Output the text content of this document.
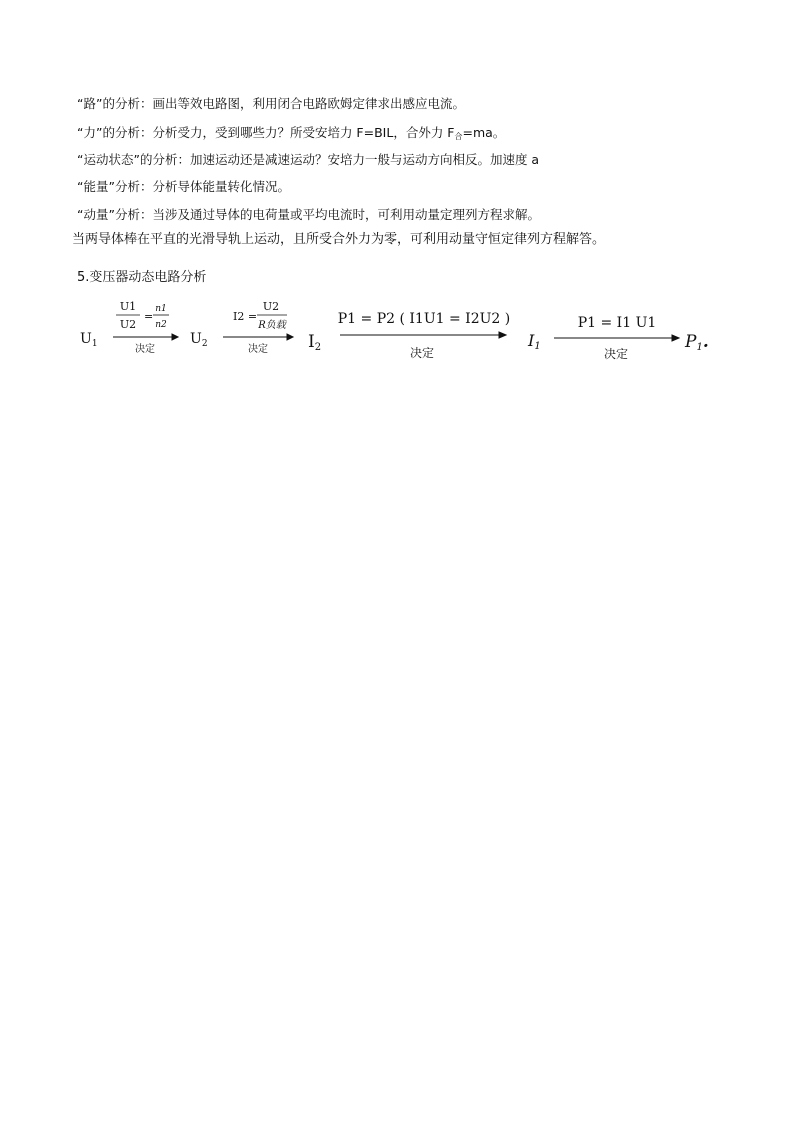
“路”的分析：画出等效电路图，利用闭合电路欧姆定律求出感应电流。
“力”的分析：分析受力，受到哪些力？所受安培力 F=BIL，合外力 $F_合=ma$。
“运动状态”的分析：加速运动还是减速运动？安培力一般与运动方向相反。加速度 a
“能量”分析：分析导体能量转化情况。
“动量”分析：当涉及通过导体的电荷量或平均电流时，可利用动量定理列方程求解。
当两导体棒在平直的光滑导轨上运动，且所受合外力为零，可利用动量守恒定律列方程解答。
5.变压器动态电路分析
$U_1$
U1
U2
=
n1
n2
决定
$U_2$
I2 =
U2
R负载
决定 I2
P1 = P2 ( I1U1 = I2U2 )
决定
I1
P1 = I1 U1
决定
P1.
